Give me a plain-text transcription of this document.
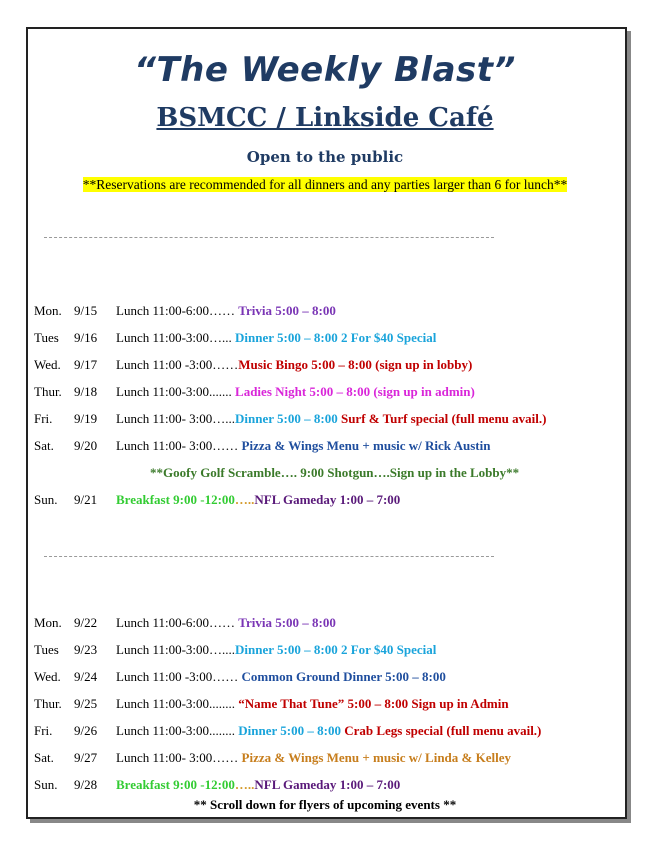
“The Weekly Blast”
BSMCC / Linkside Café
Open to the public
**Reservations are recommended for all dinners and any parties larger than 6 for lunch**
Mon. 9/15 Lunch 11:00-6:00…… Trivia 5:00 – 8:00
Tues 9/16 Lunch 11:00-3:00…... Dinner 5:00 – 8:00 2 For $40 Special
Wed. 9/17 Lunch 11:00 -3:00……Music Bingo 5:00 – 8:00 (sign up in lobby)
Thur. 9/18 Lunch 11:00-3:00....... Ladies Night 5:00 – 8:00 (sign up in admin)
Fri. 9/19 Lunch 11:00- 3:00…...Dinner 5:00 – 8:00 Surf & Turf special (full menu avail.)
Sat. 9/20 Lunch 11:00- 3:00…… Pizza & Wings Menu + music w/ Rick Austin
**Goofy Golf Scramble…. 9:00 Shotgun….Sign up in the Lobby**
Sun. 9/21 Breakfast 9:00 -12:00…..NFL Gameday 1:00 – 7:00
Mon. 9/22 Lunch 11:00-6:00…… Trivia 5:00 – 8:00
Tues 9/23 Lunch 11:00-3:00…....Dinner 5:00 – 8:00 2 For $40 Special
Wed. 9/24 Lunch 11:00 -3:00…… Common Ground Dinner 5:00 – 8:00
Thur. 9/25 Lunch 11:00-3:00........ “Name That Tune” 5:00 – 8:00 Sign up in Admin
Fri. 9/26 Lunch 11:00-3:00........ Dinner 5:00 – 8:00 Crab Legs special (full menu avail.)
Sat. 9/27 Lunch 11:00- 3:00…… Pizza & Wings Menu + music w/ Linda & Kelley
Sun. 9/28 Breakfast 9:00 -12:00…..NFL Gameday 1:00 – 7:00
** Scroll down for flyers of upcoming events **
